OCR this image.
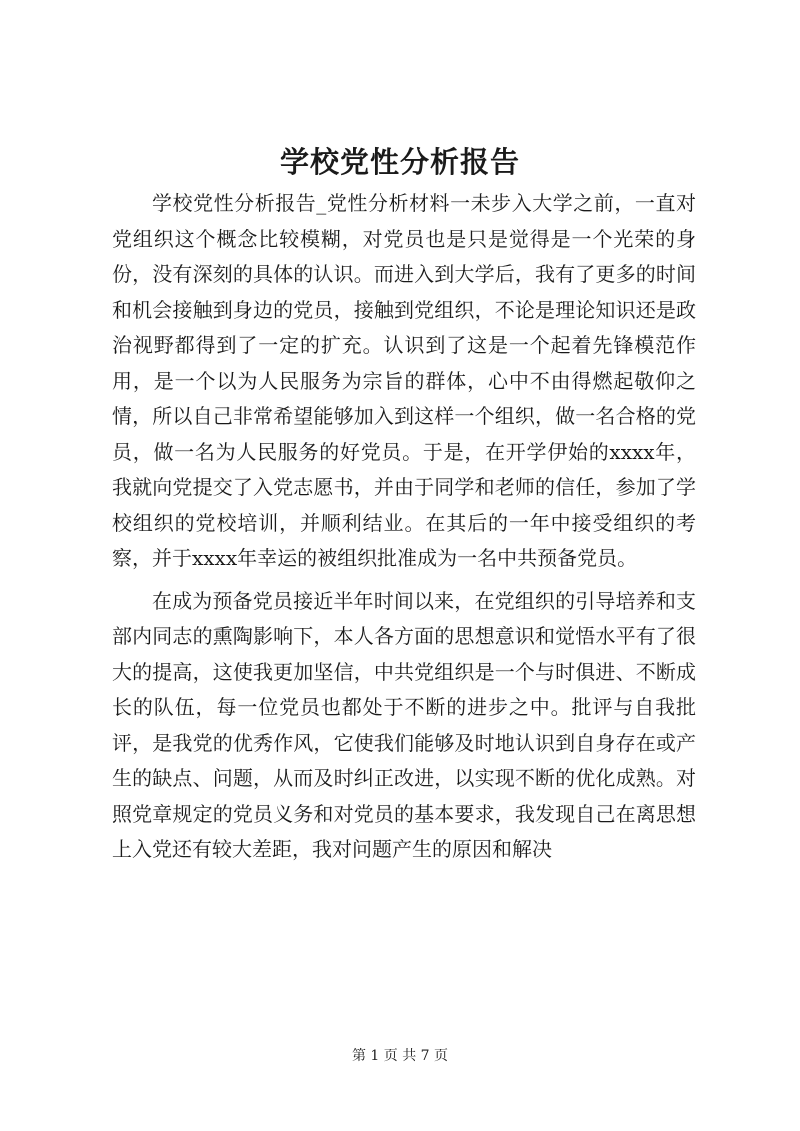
学校党性分析报告

学校党性分析报告_党性分析材料一未步入大学之前，一直对党组织这个概念比较模糊，对党员也是只是觉得是一个光荣的身份，没有深刻的具体的认识。而进入到大学后，我有了更多的时间和机会接触到身边的党员，接触到党组织，不论是理论知识还是政治视野都得到了一定的扩充。认识到了这是一个起着先锋模范作用，是一个以为人民服务为宗旨的群体，心中不由得燃起敬仰之情，所以自己非常希望能够加入到这样一个组织，做一名合格的党员，做一名为人民服务的好党员。于是，在开学伊始的xxxx年，我就向党提交了入党志愿书，并由于同学和老师的信任，参加了学校组织的党校培训，并顺利结业。在其后的一年中接受组织的考察，并于xxxx年幸运的被组织批准成为一名中共预备党员。

在成为预备党员接近半年时间以来，在党组织的引导培养和支部内同志的熏陶影响下，本人各方面的思想意识和觉悟水平有了很大的提高，这使我更加坚信，中共党组织是一个与时俱进、不断成长的队伍，每一位党员也都处于不断的进步之中。批评与自我批评，是我党的优秀作风，它使我们能够及时地认识到自身存在或产生的缺点、问题，从而及时纠正改进，以实现不断的优化成熟。对照党章规定的党员义务和对党员的基本要求，我发现自己在离思想上入党还有较大差距，我对问题产生的原因和解决

第 1 页 共 7 页
